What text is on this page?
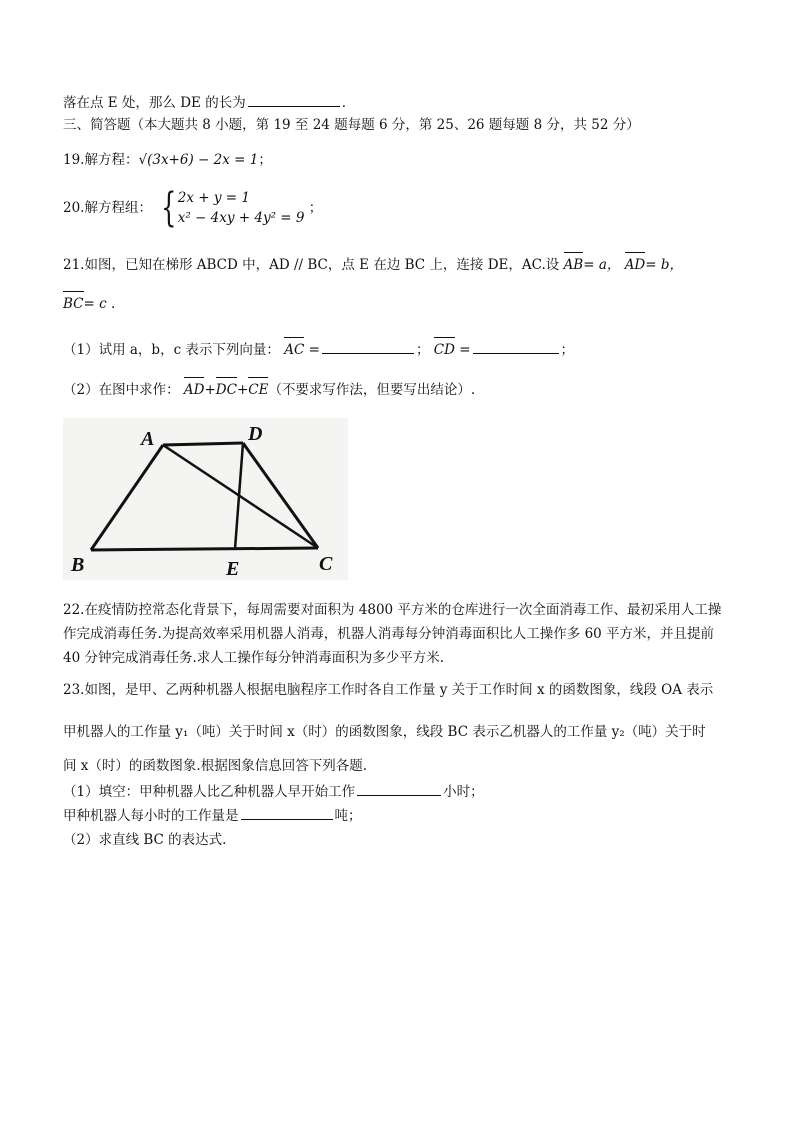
落在点 E 处，那么 DE 的长为	.
三、简答题（本大题共 8 小题，第 19 至 24 题每题 6 分，第 25、26 题每题 8 分，共 52 分）
19.解方程：√(3x+6) − 2x = 1；
20.解方程组： { 2x + y = 1
x² − 4xy + 4y² = 9
；
21.如图，已知在梯形 ABCD 中，AD // BC，点 E 在边 BC 上，连接 DE，AC.设 AB= a， AD= b，
BC= c .
（1）试用 a，b，c 表示下列向量： AC =	； CD =	；
（2）在图中求作： AD+DC+CE（不要求写作法，但要写出结论）.
A	D
B	E	C
22.在疫情防控常态化背景下，每周需要对面积为 4800 平方米的仓库进行一次全面消毒工作、最初采用人工操
作完成消毒任务.为提高效率采用机器人消毒，机器人消毒每分钟消毒面积比人工操作多 60 平方米，并且提前
40 分钟完成消毒任务.求人工操作每分钟消毒面积为多少平方米.
23.如图，是甲、乙两种机器人根据电脑程序工作时各自工作量 y 关于工作时间 x 的函数图象，线段 OA 表示
甲机器人的工作量 y₁（吨）关于时间 x（时）的函数图象，线段 BC 表示乙机器人的工作量 y₂（吨）关于时
间 x（时）的函数图象.根据图象信息回答下列各题.
（1）填空：甲种机器人比乙种机器人早开始工作	小时；
甲种机器人每小时的工作量是	吨；
（2）求直线 BC 的表达式.
